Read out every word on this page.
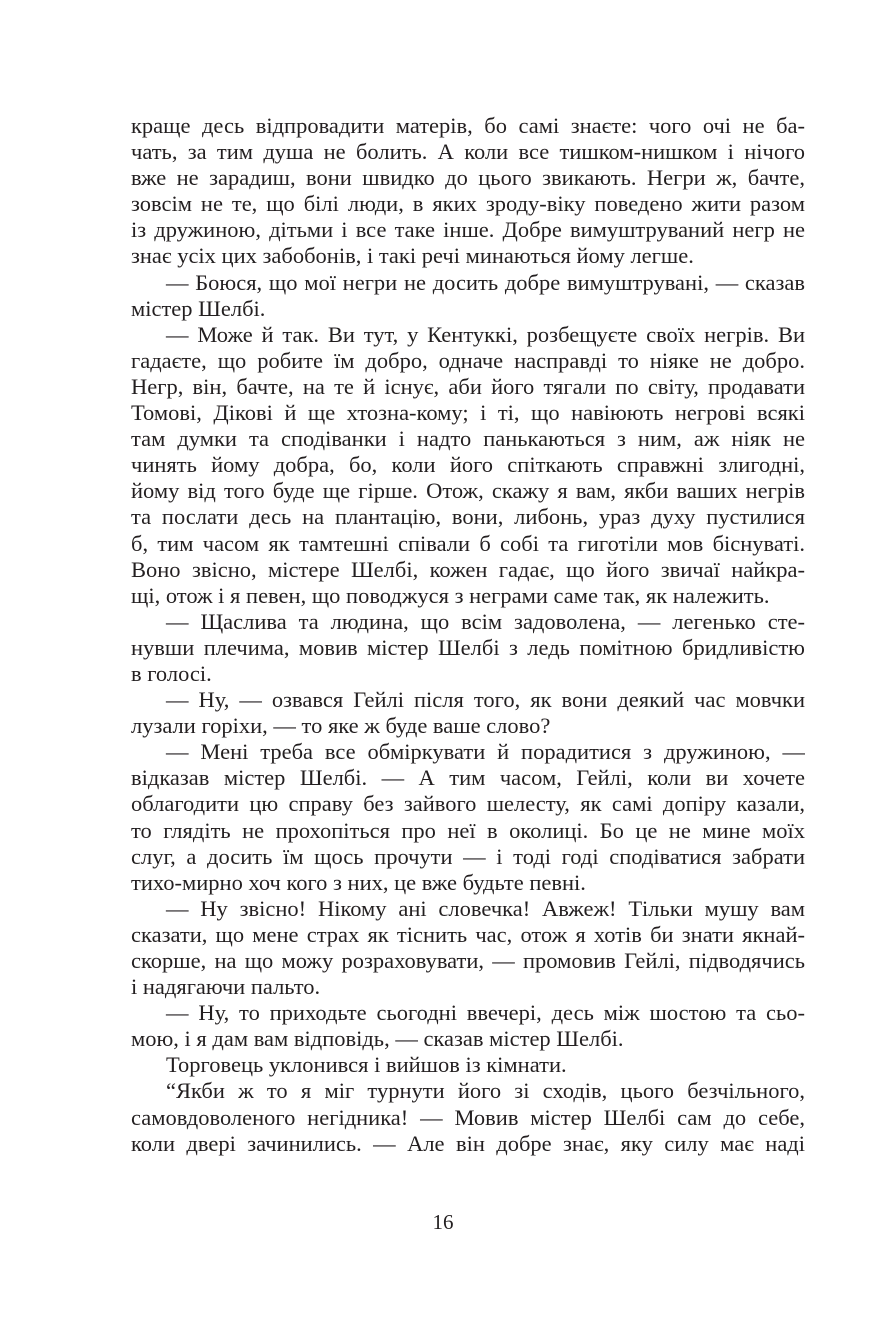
краще десь відпровадити матерів, бо самі знаєте: чого очі не ба-
чать, за тим душа не болить. А коли все тишком-нишком і нічого
вже не зарадиш, вони швидко до цього звикають. Негри ж, бачте,
зовсім не те, що білі люди, в яких зроду-віку поведено жити разом
із дружиною, дітьми і все таке інше. Добре вимуштруваний негр не
знає усіх цих забобонів, і такі речі минаються йому легше.
— Боюся, що мої негри не досить добре вимуштрувані, — сказав
містер Шелбі.
— Може й так. Ви тут, у Кентуккі, розбещуєте своїх негрів. Ви
гадаєте, що робите їм добро, одначе насправді то ніяке не добро.
Негр, він, бачте, на те й існує, аби його тягали по світу, продавати
Томові, Дікові й ще хтозна-кому; і ті, що навіюють негрові всякі
там думки та сподіванки і надто панькаються з ним, аж ніяк не
чинять йому добра, бо, коли його спіткають справжні злигодні,
йому від того буде ще гірше. Отож, скажу я вам, якби ваших негрів
та послати десь на плантацію, вони, либонь, ураз духу пустилися
б, тим часом як тамтешні співали б собі та гиготіли мов біснуваті.
Воно звісно, містере Шелбі, кожен гадає, що його звичаї найкра-
щі, отож і я певен, що поводжуся з неграми саме так, як належить.
— Щаслива та людина, що всім задоволена, — легенько сте-
нувши плечима, мовив містер Шелбі з ледь помітною бридливістю
в голосі.
— Ну, — озвався Гейлі після того, як вони деякий час мовчки
лузали горіхи, — то яке ж буде ваше слово?
— Мені треба все обміркувати й порадитися з дружиною, —
відказав містер Шелбі. — А тим часом, Гейлі, коли ви хочете
облагодити цю справу без зайвого шелесту, як самі допіру казали,
то глядіть не прохопіться про неї в околиці. Бо це не мине моїх
слуг, а досить їм щось прочути — і тоді годі сподіватися забрати
тихо-мирно хоч кого з них, це вже будьте певні.
— Ну звісно! Нікому ані словечка! Авжеж! Тільки мушу вам
сказати, що мене страх як тіснить час, отож я хотів би знати якнай-
скорше, на що можу розраховувати, — промовив Гейлі, підводячись
і надягаючи пальто.
— Ну, то приходьте сьогодні ввечері, десь між шостою та сьо-
мою, і я дам вам відповідь, — сказав містер Шелбі.
Торговець уклонився і вийшов із кімнати.
“Якби ж то я міг турнути його зі сходів, цього безчільного,
самовдоволеного негідника! — Мовив містер Шелбі сам до себе,
коли двері зачинились. — Але він добре знає, яку силу має наді
16
